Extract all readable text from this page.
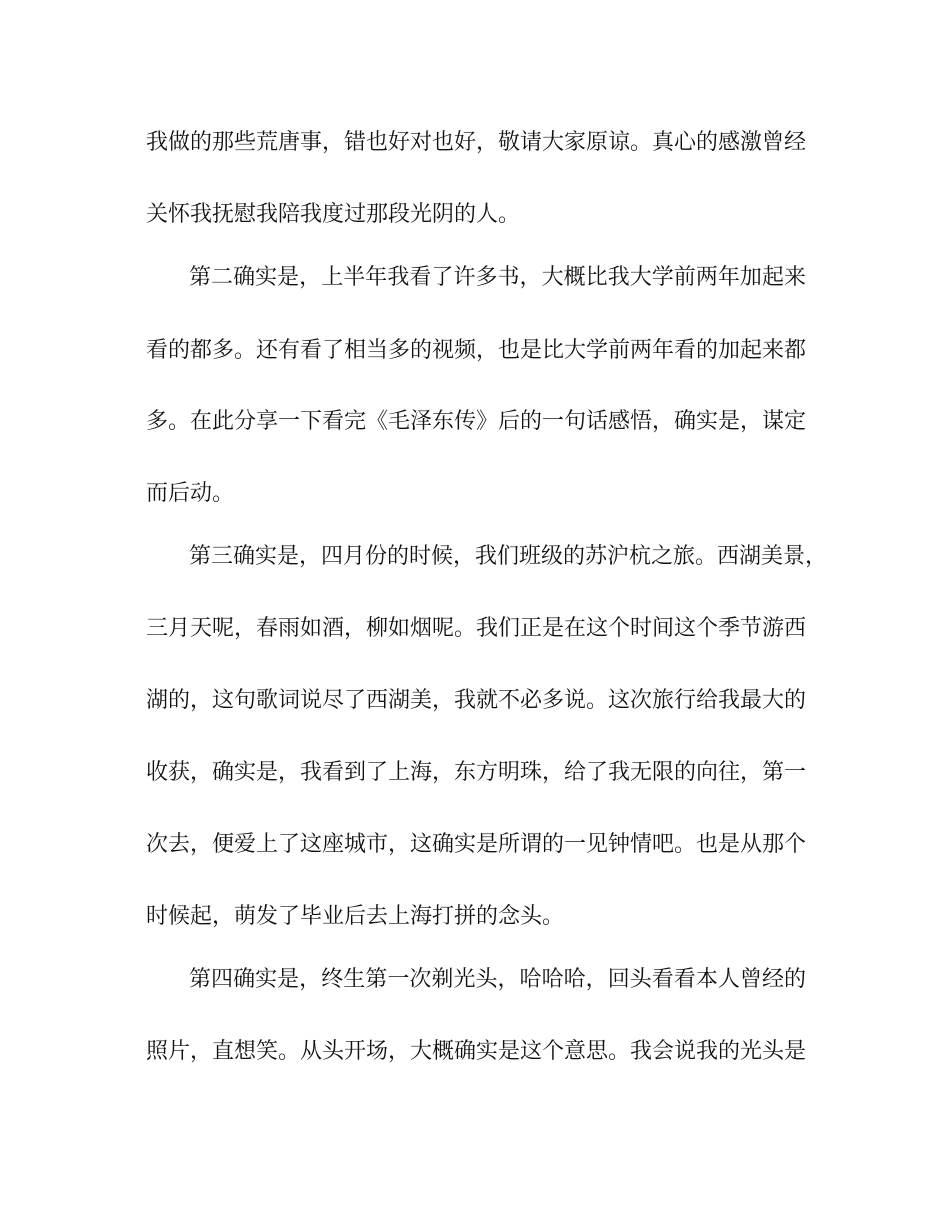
我做的那些荒唐事，错也好对也好，敬请大家原谅。真心的感激曾经
关怀我抚慰我陪我度过那段光阴的人。
第二确实是，上半年我看了许多书，大概比我大学前两年加起来
看的都多。还有看了相当多的视频，也是比大学前两年看的加起来都
多。在此分享一下看完《毛泽东传》后的一句话感悟，确实是，谋定
而后动。
第三确实是，四月份的时候，我们班级的苏沪杭之旅。西湖美景，
三月天呢，春雨如酒，柳如烟呢。我们正是在这个时间这个季节游西
湖的，这句歌词说尽了西湖美，我就不必多说。这次旅行给我最大的
收获，确实是，我看到了上海，东方明珠，给了我无限的向往，第一
次去，便爱上了这座城市，这确实是所谓的一见钟情吧。也是从那个
时候起，萌发了毕业后去上海打拼的念头。
第四确实是，终生第一次剃光头，哈哈哈，回头看看本人曾经的
照片，直想笑。从头开场，大概确实是这个意思。我会说我的光头是
